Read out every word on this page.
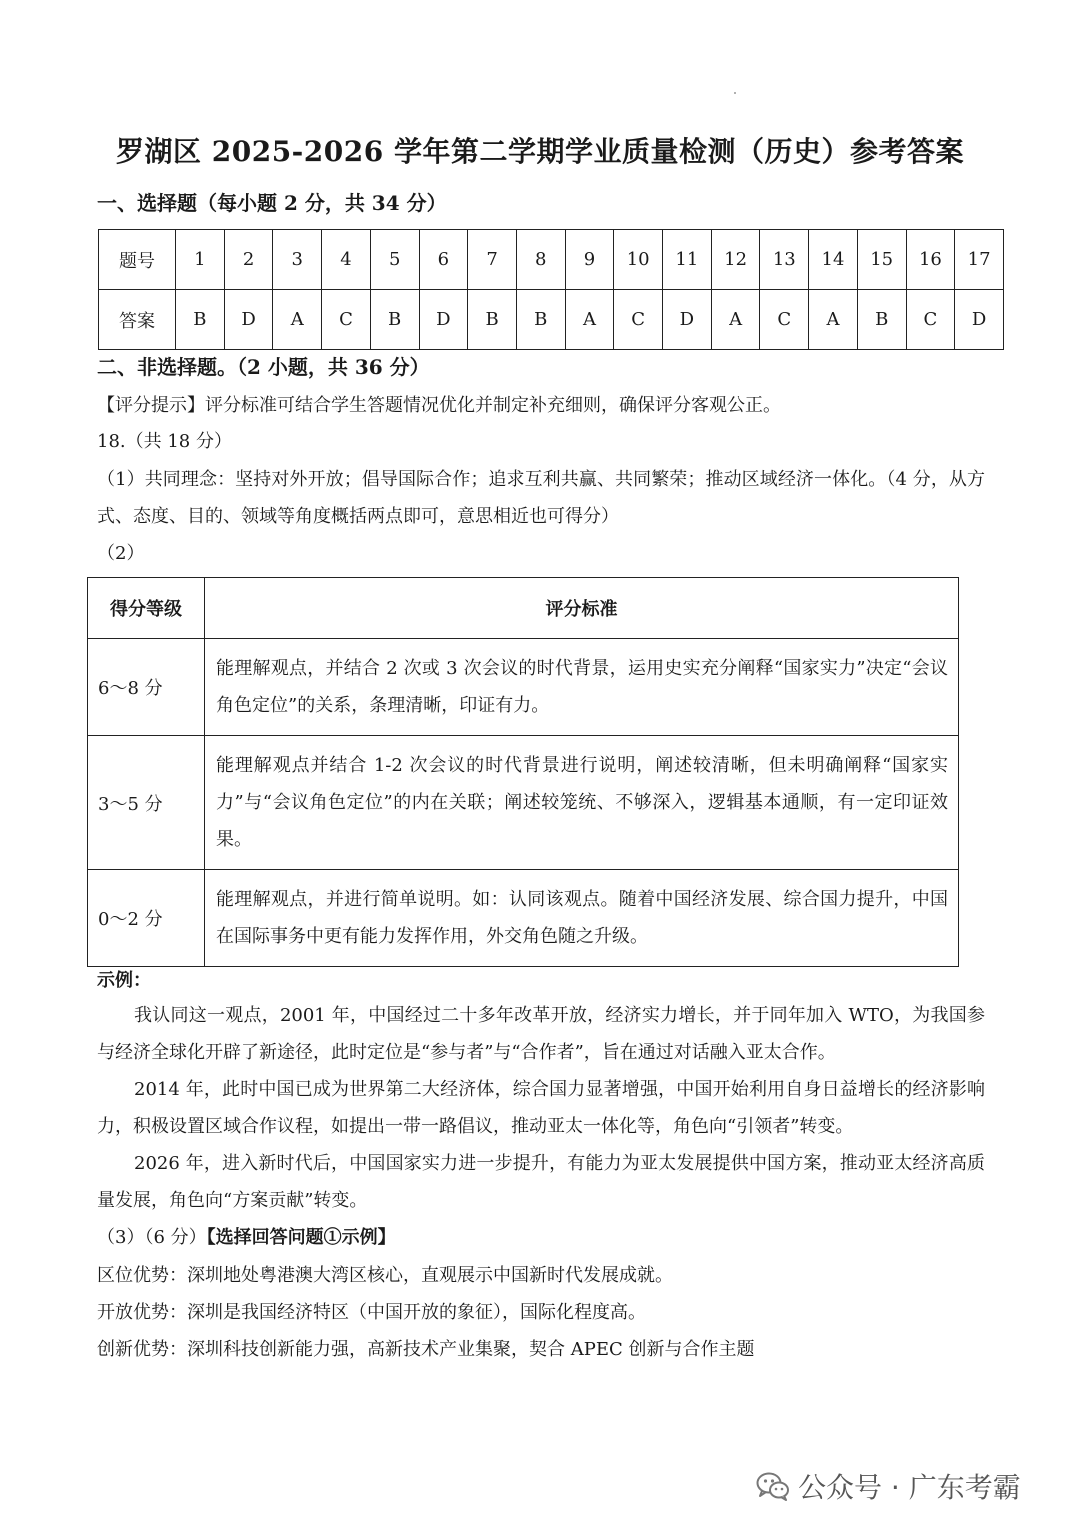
罗湖区 2025-2026 学年第二学期学业质量检测（历史）参考答案
一、选择题（每小题 2 分，共 34 分）
题号	1	2	3	4	5	6	7	8	9	10	11	12	13	14	15	16	17
答案	B	D	A	C	B	D	B	B	A	C	D	A	C	A	B	C	D
二、非选择题。（2 小题，共 36 分）
【评分提示】评分标准可结合学生答题情况优化并制定补充细则，确保评分客观公正。
18.（共 18 分）
（1）共同理念：坚持对外开放；倡导国际合作；追求互利共赢、共同繁荣；推动区域经济一体化。（4 分，从方式、态度、目的、领域等角度概括两点即可，意思相近也可得分）
（2）
得分等级	评分标准
6～8 分	能理解观点，并结合 2 次或 3 次会议的时代背景，运用史实充分阐释“国家实力”决定“会议角色定位”的关系，条理清晰，印证有力。
3～5 分	能理解观点并结合 1-2 次会议的时代背景进行说明，阐述较清晰，但未明确阐释“国家实力”与“会议角色定位”的内在关联；阐述较笼统、不够深入，逻辑基本通顺，有一定印证效果。
0～2 分	能理解观点，并进行简单说明。如：认同该观点。随着中国经济发展、综合国力提升，中国在国际事务中更有能力发挥作用，外交角色随之升级。
示例：
我认同这一观点，2001 年，中国经过二十多年改革开放，经济实力增长，并于同年加入 WTO，为我国参与经济全球化开辟了新途径，此时定位是“参与者”与“合作者”，旨在通过对话融入亚太合作。
2014 年，此时中国已成为世界第二大经济体，综合国力显著增强，中国开始利用自身日益增长的经济影响力，积极设置区域合作议程，如提出一带一路倡议，推动亚太一体化等，角色向“引领者”转变。
2026 年，进入新时代后，中国国家实力进一步提升，有能力为亚太发展提供中国方案，推动亚太经济高质量发展，角色向“方案贡献”转变。
（3）（6 分）【选择回答问题①示例】
区位优势：深圳地处粤港澳大湾区核心，直观展示中国新时代发展成就。
开放优势：深圳是我国经济特区（中国开放的象征），国际化程度高。
创新优势：深圳科技创新能力强，高新技术产业集聚，契合 APEC 创新与合作主题
公众号 · 广东考霸
